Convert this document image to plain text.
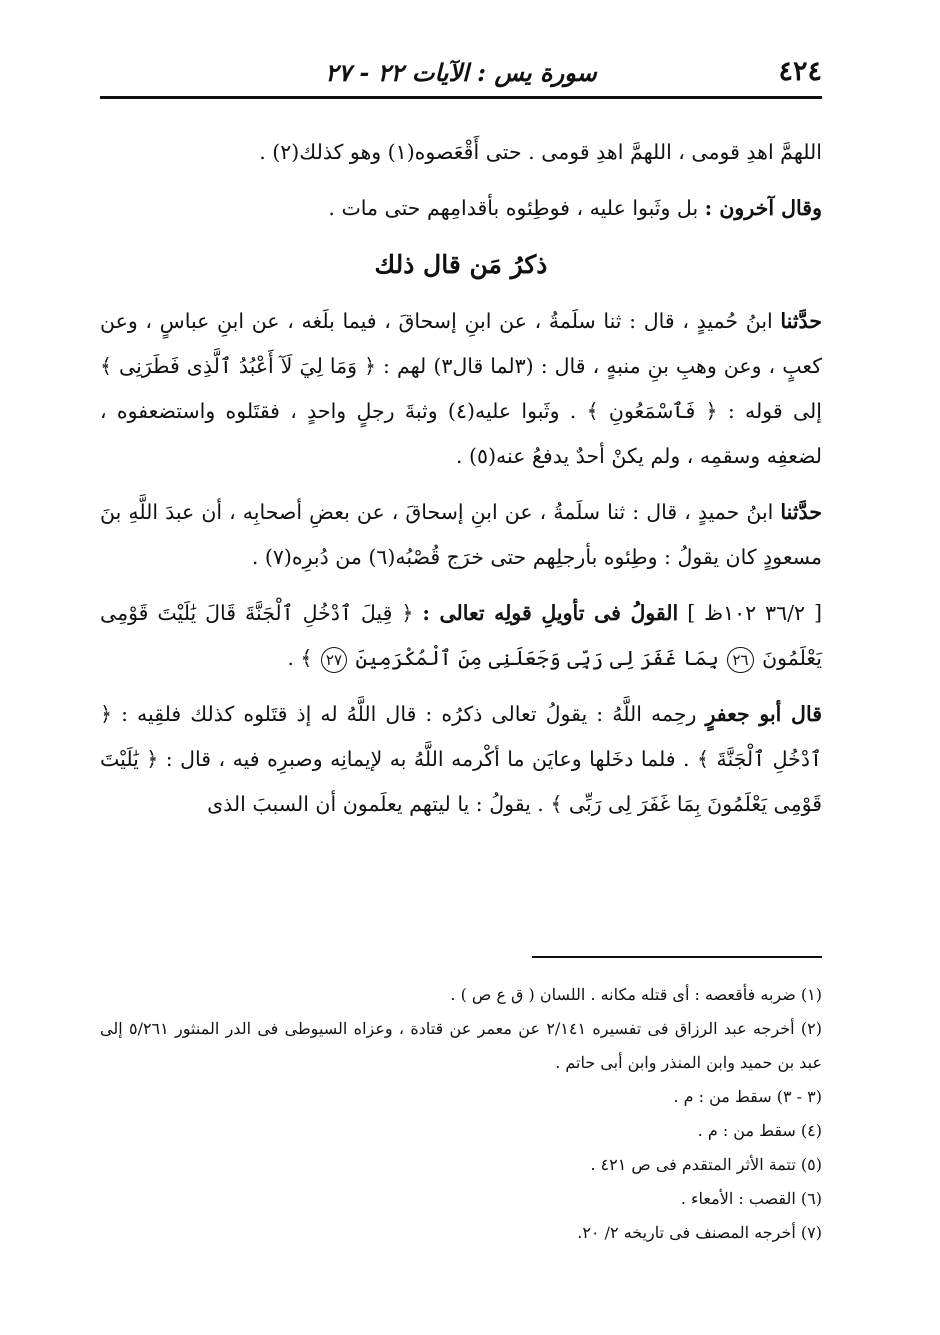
٤٢٤
سورة يس : الآيات ٢٢ - ٢٧

اللهمَّ اهدِ قومى ، اللهمَّ اهدِ قومى . حتى أَقْعَصوه(١) وهو كذلك(٢) .

وقال آخرون : بل وثَبوا عليه ، فوطِئوه بأقدامِهم حتى مات .

ذكرُ مَن قال ذلك

حدَّثنا ابنُ حُميدٍ ، قال : ثنا سلَمةُ ، عن ابنِ إسحاقَ ، فيما بلَغه ، عن ابنِ عباسٍ ، وعن كعبٍ ، وعن وهبِ بنِ منبهٍ ، قال : (٣لما قال٣) لهم : ﴿ وَمَا لِيَ لَآ أَعْبُدُ ٱلَّذِى فَطَرَنِى ﴾ إلى قوله : ﴿ فَٱسْمَعُونِ ﴾ . وثَبوا عليه(٤) وثبةَ رجلٍ واحدٍ ، فقتَلوه واستضعفوه ، لضعفِه وسقمِه ، ولم يكنْ أحدٌ يدفعُ عنه(٥) .

حدَّثنا ابنُ حميدٍ ، قال : ثنا سلَمةُ ، عن ابنِ إسحاقَ ، عن بعضِ أصحابِه ، أن عبدَ اللَّهِ بنَ مسعودٍ كان يقولُ : وطِئوه بأرجلِهم حتى خرَج قُصْبُه(٦) من دُبرِه(٧) .

[ ٣٦/٢ ١٠٢ظ ] القولُ فى تأويلِ قولِه تعالى : ﴿ قِيلَ ٱدْخُلِ ٱلْجَنَّةَ قَالَ يَٰلَيْتَ قَوْمِى يَعْلَمُونَ ٢٦ بِمَا غَفَرَ لِى رَبِّى وَجَعَلَنِى مِنَ ٱلْمُكْرَمِينَ ٢٧ ﴾ .

قال أبو جعفرٍ رحِمه اللَّهُ : يقولُ تعالى ذكرُه : قال اللَّهُ له إذ قتَلوه كذلك فلقِيه : ﴿ ٱدْخُلِ ٱلْجَنَّةَ ﴾ . فلما دخَلها وعايَن ما أكْرمه اللَّهُ به لإيمانِه وصبرِه فيه ، قال : ﴿ يَٰلَيْتَ قَوْمِى يَعْلَمُونَ بِمَا غَفَرَ لِى رَبِّى ﴾ . يقولُ : يا ليتهم يعلَمون أن السببَ الذى

(١) ضربه فأقعصه : أى قتله مكانه . اللسان ( ق ع ص ) .

(٢) أخرجه عبد الرزاق فى تفسيره ٢/١٤١ عن معمر عن قتادة ، وعزاه السيوطى فى الدر المنثور ٥/٢٦١ إلى عبد بن حميد وابن المنذر وابن أبى حاتم .

(٣ - ٣) سقط من : م .

(٤) سقط من : م .

(٥) تتمة الأثر المتقدم فى ص ٤٢١ .

(٦) القصب : الأمعاء .

(٧) أخرجه المصنف فى تاريخه ٢/ ٢٠.
